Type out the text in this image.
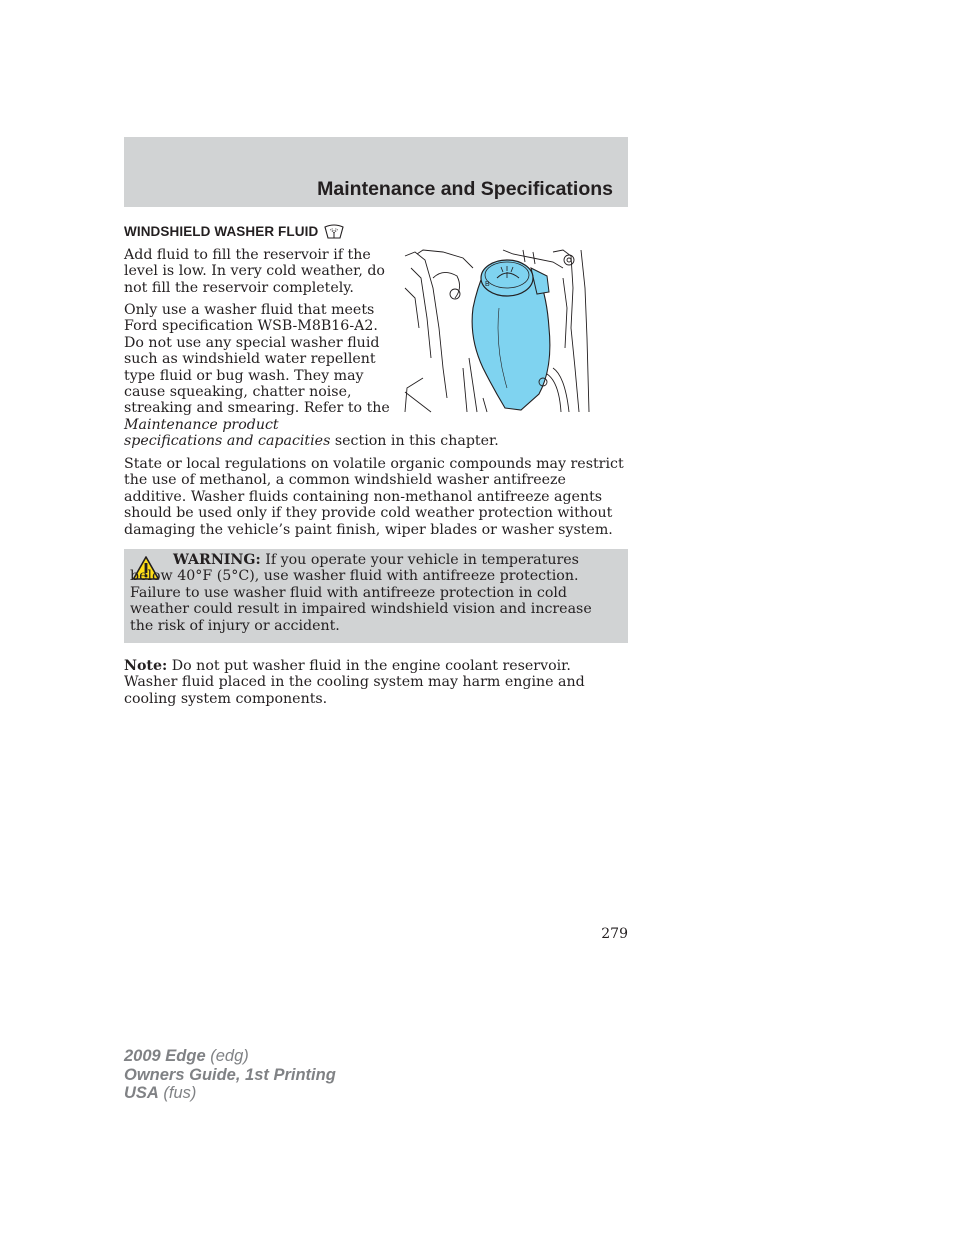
Maintenance and Specifications
WINDSHIELD WASHER FLUID

Add fluid to fill the reservoir if the level is low. In very cold weather, do not fill the reservoir completely.

Only use a washer fluid that meets
Ford specification WSB-M8B16-A2.
Do not use any special washer fluid
such as windshield water repellent
type fluid or bug wash. They may
cause squeaking, chatter noise,
streaking and smearing. Refer to the
Maintenance product
specifications and capacities section in this chapter.

B

State or local regulations on volatile organic compounds may restrict the use of methanol, a common windshield washer antifreeze additive. Washer fluids containing non-methanol antifreeze agents should be used only if they provide cold weather protection without damaging the vehicle’s paint finish, wiper blades or washer system.

WARNING: If you operate your vehicle in temperatures below 40°F (5°C), use washer fluid with antifreeze protection. Failure to use washer fluid with antifreeze protection in cold weather could result in impaired windshield vision and increase the risk of injury or accident.

Note: Do not put washer fluid in the engine coolant reservoir. Washer fluid placed in the cooling system may harm engine and cooling system components.

279
2009 Edge (edg)
Owners Guide, 1st Printing
USA (fus)
